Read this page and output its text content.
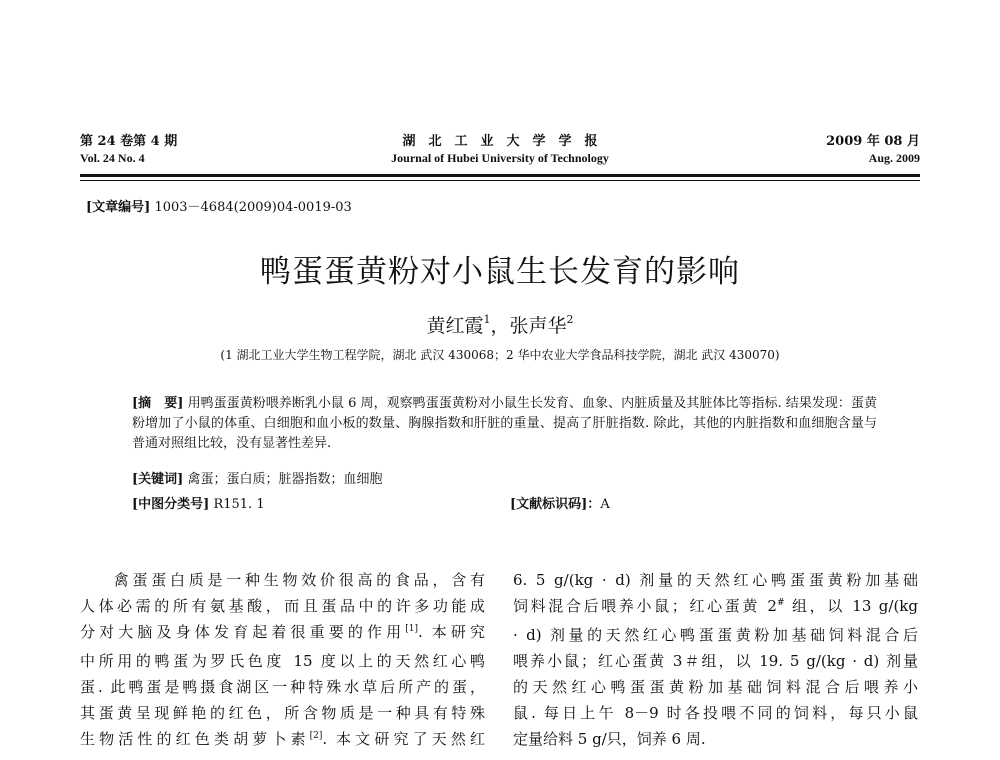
第 24 卷第 4 期
Vol. 24 No. 4
湖　北　工　业　大　学　学　报
Journal of Hubei University of Technology
2009 年 08 月
Aug. 2009
[文章编号] 1003－4684(2009)04-0019-03
鸭蛋蛋黄粉对小鼠生长发育的影响
黄红霞$^1$，张声华$^2$
(1 湖北工业大学生物工程学院，湖北 武汉 430068；2 华中农业大学食品科技学院，湖北 武汉 430070)
[摘　要] 用鸭蛋蛋黄粉喂养断乳小鼠 6 周，观察鸭蛋蛋黄粉对小鼠生长发育、血象、内脏质量及其脏体比等指标. 结果发现：蛋黄粉增加了小鼠的体重、白细胞和血小板的数量、胸腺指数和肝脏的重量、提高了肝脏指数. 除此，其他的内脏指数和血细胞含量与普通对照组比较，没有显著性差异.
[关键词] 禽蛋；蛋白质；脏器指数；血细胞
[中图分类号] R151. 1	[文献标识码]：A
禽蛋蛋白质是一种生物效价很高的食品，含有
人体必需的所有氨基酸，而且蛋品中的许多功能成
分对大脑及身体发育起着很重要的作用[1]. 本研究
中所用的鸭蛋为罗氏色度 15 度以上的天然红心鸭
蛋. 此鸭蛋是鸭摄食湖区一种特殊水草后所产的蛋，
其蛋黄呈现鲜艳的红色，所含物质是一种具有特殊
生物活性的红色类胡萝卜素[2]. 本文研究了天然红
6. 5 g/(kg · d) 剂量的天然红心鸭蛋蛋黄粉加基础
饲料混合后喂养小鼠；红心蛋黄 2# 组，以 13 g/(kg
· d) 剂量的天然红心鸭蛋蛋黄粉加基础饲料混合后
喂养小鼠；红心蛋黄 3＃组，以 19. 5 g/(kg · d) 剂量
的天然红心鸭蛋蛋黄粉加基础饲料混合后喂养小
鼠. 每日上午 8－9 时各投喂不同的饲料，每只小鼠
定量给料 5 g/只，饲养 6 周.
